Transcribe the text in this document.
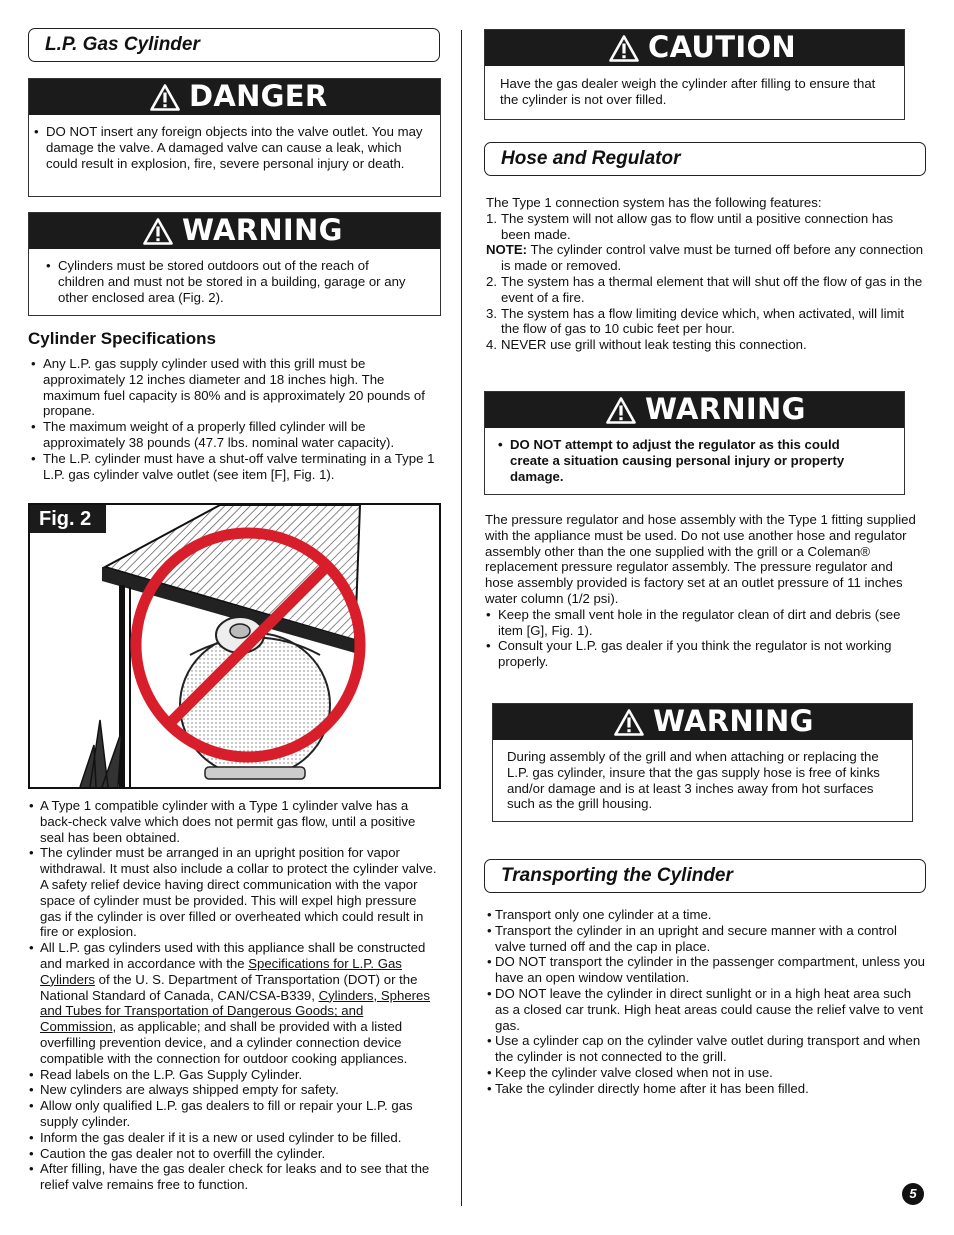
L.P. Gas Cylinder
DANGER
• DO NOT insert any foreign objects into the valve outlet. You may damage the valve. A damaged valve can cause a leak, which could result in explosion, fire, severe personal injury or death.
WARNING
• Cylinders must be stored outdoors out of the reach of children and must not be stored in a building, garage or any other enclosed area (Fig. 2).
Cylinder Specifications
• Any L.P. gas supply cylinder used with this grill must be approximately 12 inches diameter and 18 inches high. The maximum fuel capacity is 80% and is approximately 20 pounds of propane.
• The maximum weight of a properly filled cylinder will be approximately 38 pounds (47.7 lbs. nominal water capacity).
• The L.P. cylinder must have a shut-off valve terminating in a Type 1 L.P. gas cylinder valve outlet (see item [F], Fig. 1).
Fig. 2
• A Type 1 compatible cylinder with a Type 1 cylinder valve has a back-check valve which does not permit gas flow, until a positive seal has been obtained.
• The cylinder must be arranged in an upright position for vapor withdrawal. It must also include a collar to protect the cylinder valve. A safety relief device having direct communication with the vapor space of cylinder must be provided. This will expel high pressure gas if the cylinder is over filled or overheated which could result in fire or explosion.
• All L.P. gas cylinders used with this appliance shall be constructed and marked in accordance with the Specifications for L.P. Gas Cylinders of the U. S. Department of Transportation (DOT) or the National Standard of Canada, CAN/CSA-B339, Cylinders, Spheres and Tubes for Transportation of Dangerous Goods; and Commission, as applicable; and shall be provided with a listed overfilling prevention device, and a cylinder connection device compatible with the connection for outdoor cooking appliances.
• Read labels on the L.P. Gas Supply Cylinder.
• New cylinders are always shipped empty for safety.
• Allow only qualified L.P. gas dealers to fill or repair your L.P. gas supply cylinder.
• Inform the gas dealer if it is a new or used cylinder to be filled.
• Caution the gas dealer not to overfill the cylinder.
• After filling, have the gas dealer check for leaks and to see that the relief valve remains free to function.
CAUTION
Have the gas dealer weigh the cylinder after filling to ensure that the cylinder is not over filled.
Hose and Regulator
The Type 1 connection system has the following features:
1. The system will not allow gas to flow until a positive connection has been made.
NOTE: The cylinder control valve must be turned off before any connection is made or removed.
2. The system has a thermal element that will shut off the flow of gas in the event of a fire.
3. The system has a flow limiting device which, when activated, will limit the flow of gas to 10 cubic feet per hour.
4. NEVER use grill without leak testing this connection.
WARNING
• DO NOT attempt to adjust the regulator as this could create a situation causing personal injury or property damage.
The pressure regulator and hose assembly with the Type 1 fitting supplied with the appliance must be used. Do not use another hose and regulator assembly other than the one supplied with the grill or a Coleman® replacement pressure regulator assembly. The pressure regulator and hose assembly provided is factory set at an outlet pressure of 11 inches water column (1/2 psi).
• Keep the small vent hole in the regulator clean of dirt and debris (see item [G], Fig. 1).
• Consult your L.P. gas dealer if you think the regulator is not working properly.
WARNING
During assembly of the grill and when attaching or replacing the L.P. gas cylinder, insure that the gas supply hose is free of kinks and/or damage and is at least 3 inches away from hot surfaces such as the grill housing.
Transporting the Cylinder
• Transport only one cylinder at a time.
• Transport the cylinder in an upright and secure manner with a control valve turned off and the cap in place.
• DO NOT transport the cylinder in the passenger compartment, unless you have an open window ventilation.
• DO NOT leave the cylinder in direct sunlight or in a high heat area such as a closed car trunk. High heat areas could cause the relief valve to vent gas.
• Use a cylinder cap on the cylinder valve outlet during transport and when the cylinder is not connected to the grill.
• Keep the cylinder valve closed when not in use.
• Take the cylinder directly home after it has been filled.
5
